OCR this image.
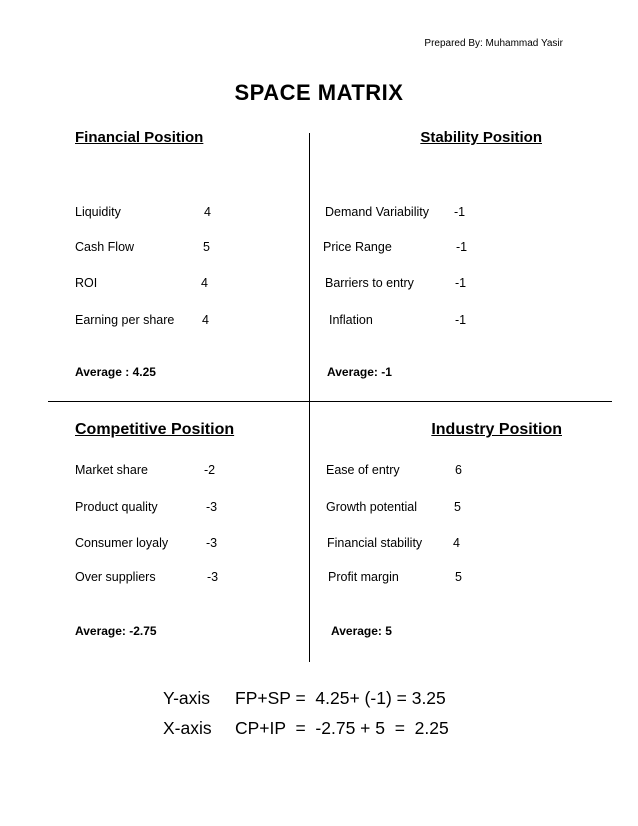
Prepared By: Muhammad Yasir
SPACE MATRIX
Financial Position
Liquidity	4
Cash Flow	5
ROI	4
Earning per share 4
Average : 4.25
Stability Position
Demand Variability -1
Price Range	-1
Barriers to entry	-1
Inflation	-1
Average: -1
Competitive Position
Market share	-2
Product quality	-3
Consumer loyaly	-3
Over suppliers	-3
Average: -2.75
Industry Position
Ease of entry	6
Growth potential	5
Financial stability 4
Profit margin	5
Average: 5
Y-axis FP+SP =  4.25+ (-1) = 3.25
X-axis CP+IP  =  -2.75 + 5  =  2.25
